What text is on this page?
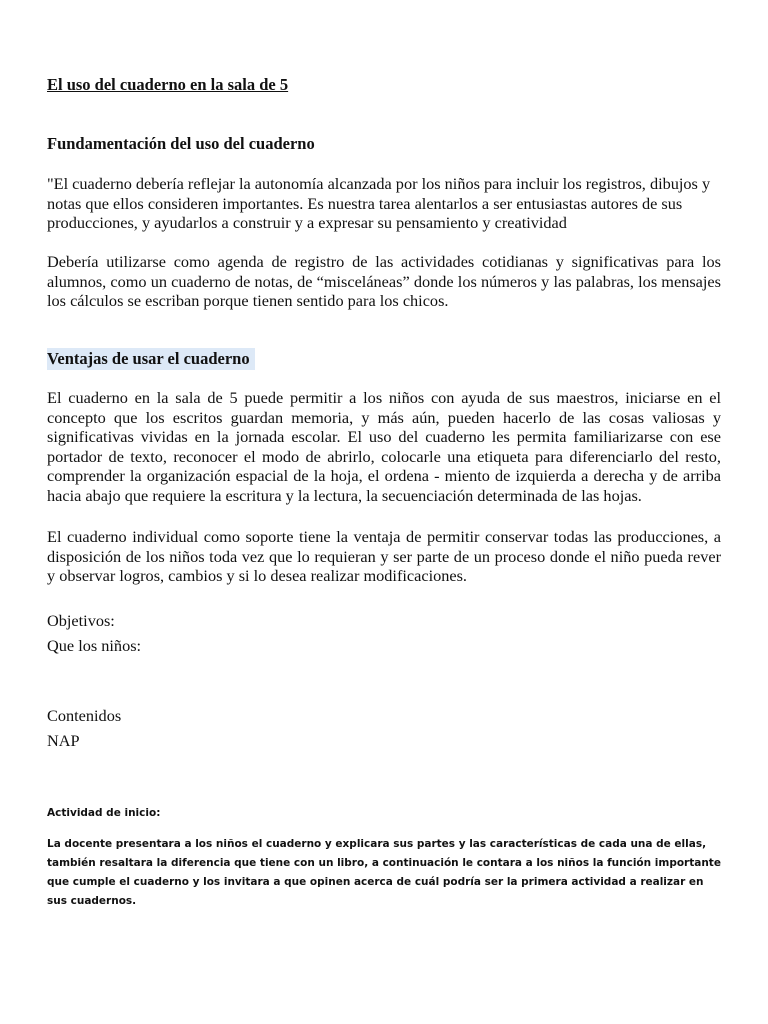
El uso del cuaderno en la sala de 5
Fundamentación del uso del cuaderno

"El cuaderno debería reflejar la autonomía alcanzada por los niños para incluir los registros, dibujos y notas que ellos consideren importantes. Es nuestra tarea alentarlos a ser entusiastas autores de sus producciones, y ayudarlos a construir y a expresar su pensamiento y creatividad

Debería utilizarse como agenda de registro de las actividades cotidianas y significativas para los alumnos, como un cuaderno de notas, de “misceláneas” donde los números y las palabras, los mensajes los cálculos se escriban porque tienen sentido para los chicos.

Ventajas de usar el cuaderno

El cuaderno en la sala de 5 puede permitir a los niños con ayuda de sus maestros, iniciarse en el concepto que los escritos guardan memoria, y más aún, pueden hacerlo de las cosas valiosas y significativas vividas en la jornada escolar. El uso del cuaderno les permita familiarizarse con ese portador de texto, reconocer el modo de abrirlo, colocarle una etiqueta para diferenciarlo del resto, comprender la organización espacial de la hoja, el ordena - miento de izquierda a derecha y de arriba hacia abajo que requiere la escritura y la lectura, la secuenciación determinada de las hojas.

El cuaderno individual como soporte tiene la ventaja de permitir conservar todas las producciones, a disposición de los niños toda vez que lo requieran y ser parte de un proceso donde el niño pueda rever y observar logros, cambios y si lo desea realizar modificaciones.

Objetivos:
Que los niños:
Contenidos
NAP
Actividad de inicio:

La docente presentara a los niños el cuaderno y explicara sus partes y las características de cada una de ellas, también resaltara la diferencia que tiene con un libro, a continuación le contara a los niños la función importante que cumple el cuaderno y los invitara a que opinen acerca de cuál podría ser la primera actividad a realizar en sus cuadernos.
